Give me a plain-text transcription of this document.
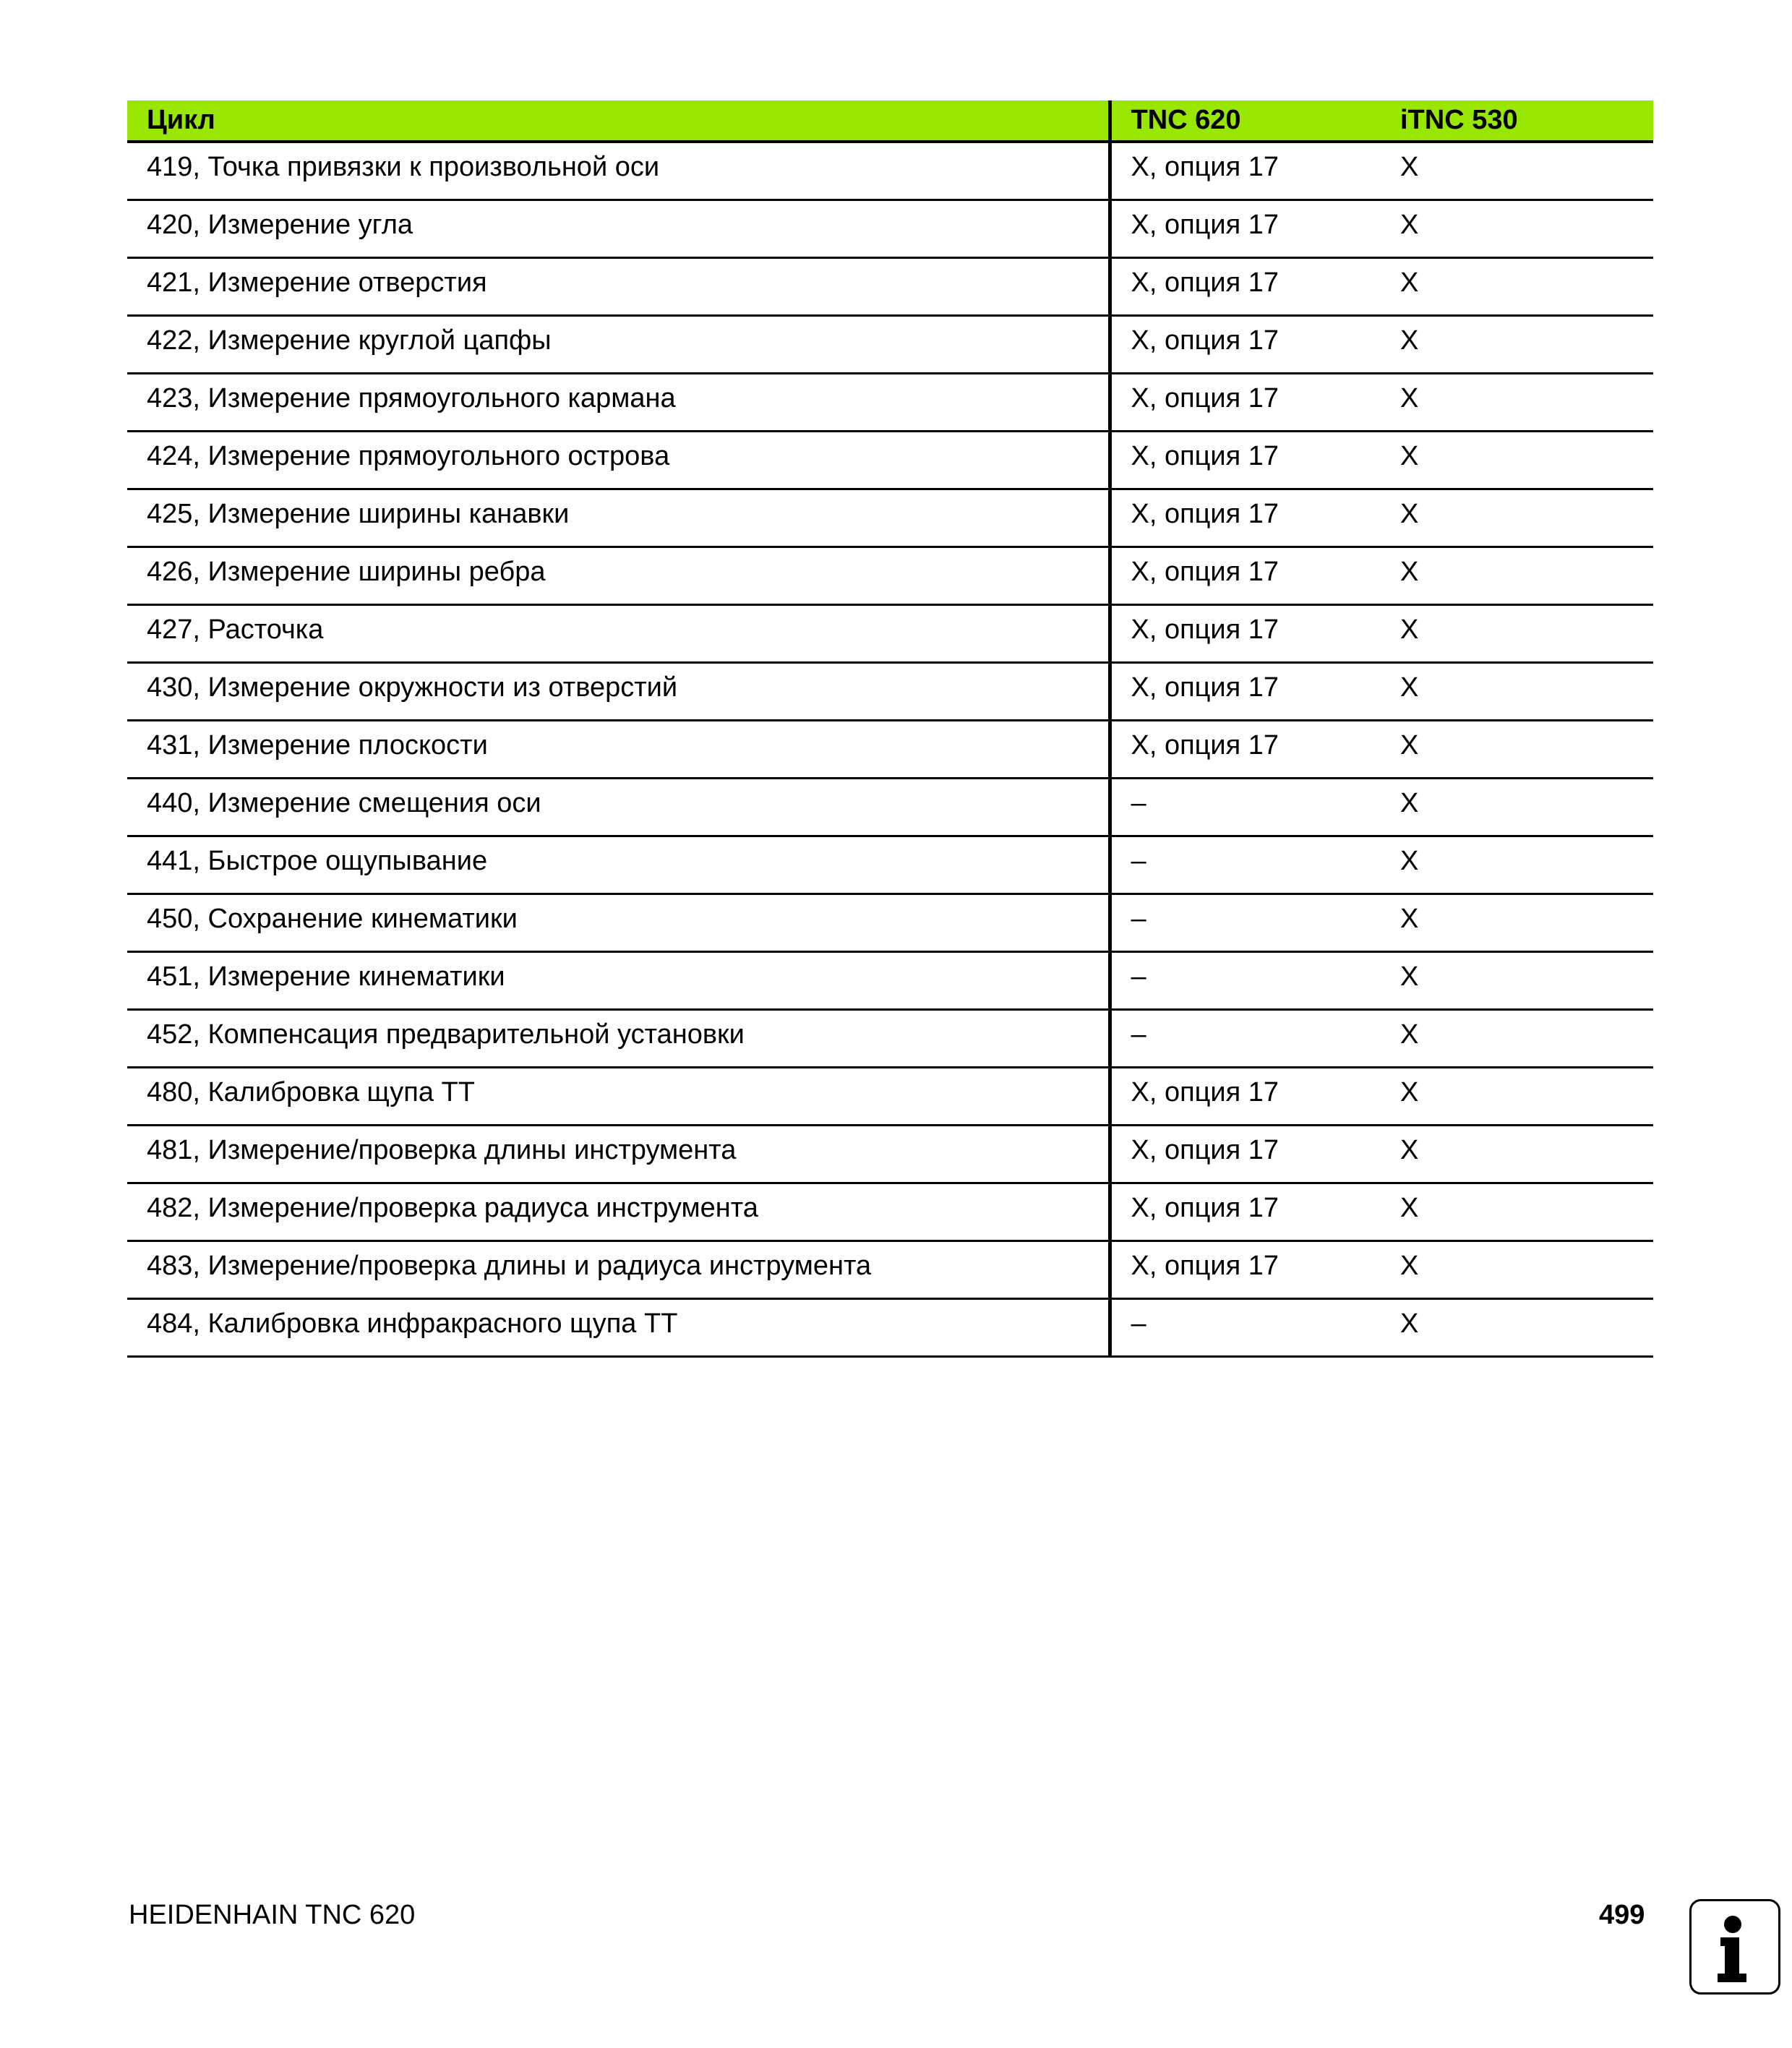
Цикл	TNC 620	iTNC 530
419, Точка привязки к произвольной оси	X, опция 17	X
420, Измерение угла	X, опция 17	X
421, Измерение отверстия	X, опция 17	X
422, Измерение круглой цапфы	X, опция 17	X
423, Измерение прямоугольного кармана	X, опция 17	X
424, Измерение прямоугольного острова	X, опция 17	X
425, Измерение ширины канавки	X, опция 17	X
426, Измерение ширины ребра	X, опция 17	X
427, Расточка	X, опция 17	X
430, Измерение окружности из отверстий	X, опция 17	X
431, Измерение плоскости	X, опция 17	X
440, Измерение смещения оси	–	X
441, Быстрое ощупывание	–	X
450, Сохранение кинематики	–	X
451, Измерение кинематики	–	X
452, Компенсация предварительной установки	–	X
480, Калибровка щупа TT	X, опция 17	X
481, Измерение/проверка длины инструмента	X, опция 17	X
482, Измерение/проверка радиуса инструмента	X, опция 17	X
483, Измерение/проверка длины и радиуса инструмента	X, опция 17	X
484, Калибровка инфракрасного щупа TT	–	X
HEIDENHAIN TNC 620	499
